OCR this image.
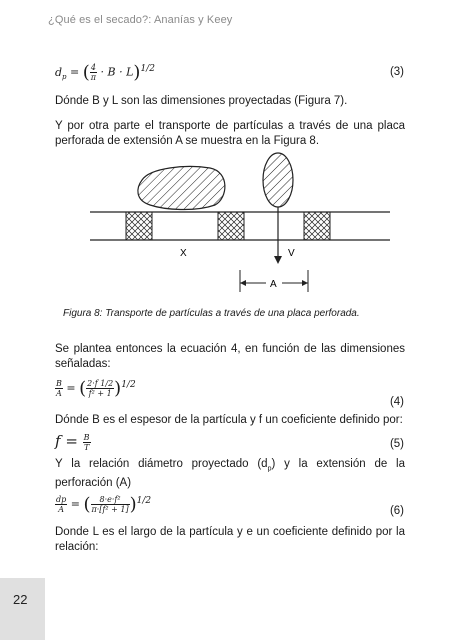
¿Qué es el secado?: Ananías y Keey
$d_p$ = ( $\frac{4}{\pi} \cdot B \cdot L)^{1/2}$	(3)
Dónde B y L son las dimensiones proyectadas (Figura 7).
Y por otra parte el transporte de partículas a través de una placa perforada de extensión A se muestra en la Figura 8.
X	V
A
Figura 8: Transporte de partículas a través de una placa perforada.
Se plantea entonces la ecuación 4, en función de las dimensiones señaladas:
$\frac{B}{A}$ = ( $\frac{2\cdot f 1/2}{\text{f² + 1}} )^{1/2}$
(4)
Dónde B es el espesor de la partícula y f un coeficiente definido por:
$f = \frac{B}{T}$	(5)
Y la relación diámetro proyectado $(d_p)$ y la extensión de la perforación (A)
$\frac{dp}{A}$ = ( $\frac{\text{8·e·f²}}{\text{π·[f² + 1]}} )^{1/2}$
(6)
Donde L es el largo de la partícula y e un coeficiente definido por la relación:
22
